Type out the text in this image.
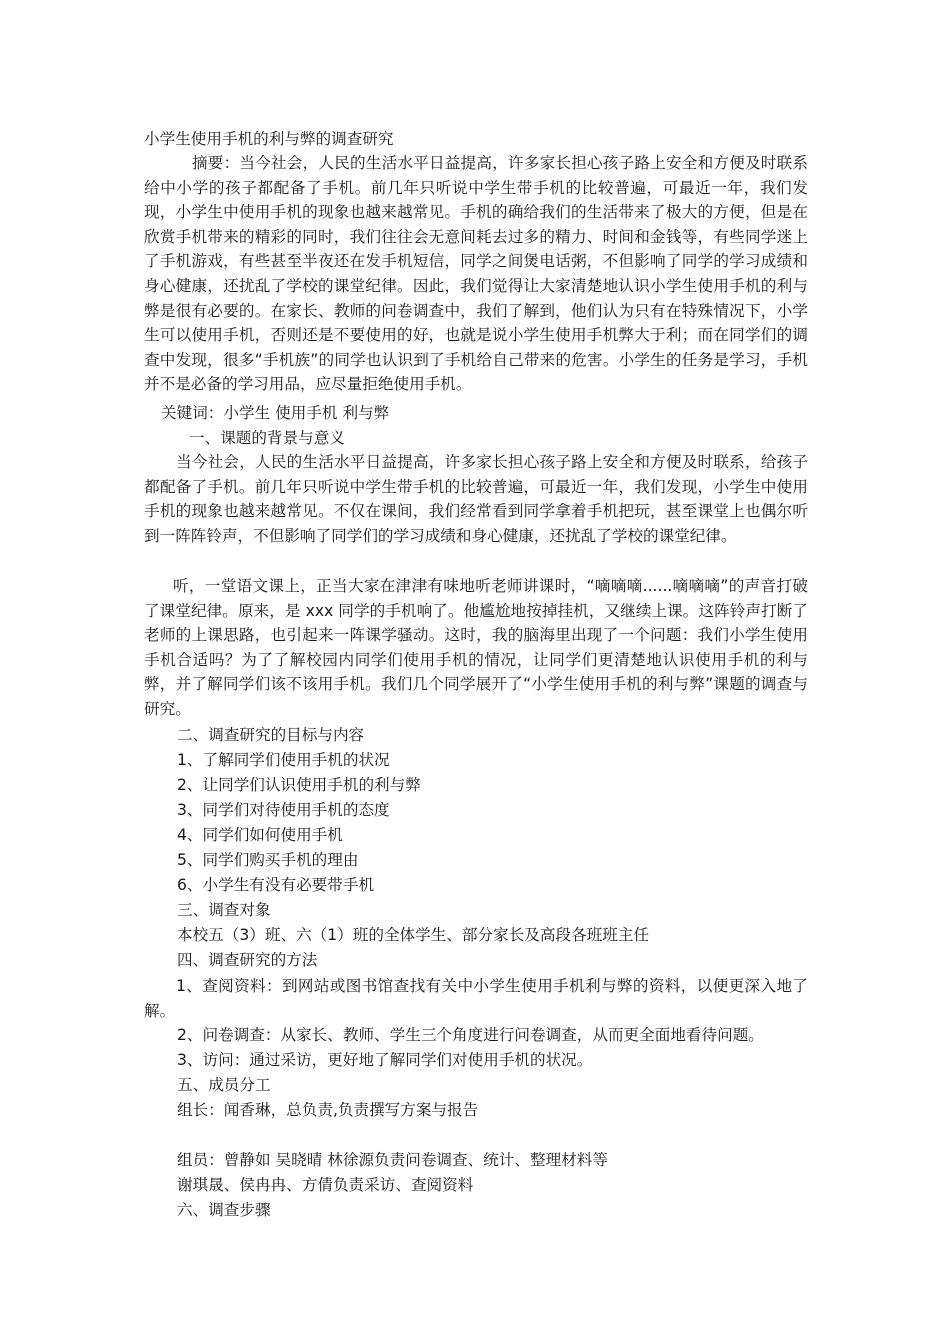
小学生使用手机的利与弊的调查研究

摘要：当今社会，人民的生活水平日益提高，许多家长担心孩子路上安全和方便及时联系给中小学的孩子都配备了手机。前几年只听说中学生带手机的比较普遍，可最近一年，我们发现，小学生中使用手机的现象也越来越常见。手机的确给我们的生活带来了极大的方便，但是在欣赏手机带来的精彩的同时，我们往往会无意间耗去过多的精力、时间和金钱等，有些同学迷上了手机游戏，有些甚至半夜还在发手机短信，同学之间煲电话粥，不但影响了同学的学习成绩和身心健康，还扰乱了学校的课堂纪律。因此，我们觉得让大家清楚地认识小学生使用手机的利与弊是很有必要的。在家长、教师的问卷调查中，我们了解到，他们认为只有在特殊情况下，小学生可以使用手机，否则还是不要使用的好，也就是说小学生使用手机弊大于利；而在同学们的调查中发现，很多“手机族”的同学也认识到了手机给自己带来的危害。小学生的任务是学习，手机并不是必备的学习用品，应尽量拒绝使用手机。

关键词：小学生 使用手机 利与弊

一、课题的背景与意义

当今社会，人民的生活水平日益提高，许多家长担心孩子路上安全和方便及时联系，给孩子都配备了手机。前几年只听说中学生带手机的比较普遍，可最近一年，我们发现，小学生中使用手机的现象也越来越常见。不仅在课间，我们经常看到同学拿着手机把玩，甚至课堂上也偶尔听到一阵阵铃声，不但影响了同学们的学习成绩和身心健康，还扰乱了学校的课堂纪律。

听，一堂语文课上，正当大家在津津有味地听老师讲课时，“嘀嘀嘀......嘀嘀嘀”的声音打破了课堂纪律。原来，是 xxx 同学的手机响了。他尴尬地按掉挂机，又继续上课。这阵铃声打断了老师的上课思路，也引起来一阵课学骚动。这时，我的脑海里出现了一个问题：我们小学生使用手机合适吗？为了了解校园内同学们使用手机的情况，让同学们更清楚地认识使用手机的利与弊，并了解同学们该不该用手机。我们几个同学展开了“小学生使用手机的利与弊”课题的调查与研究。

二、调查研究的目标与内容

1、了解同学们使用手机的状况

2、让同学们认识使用手机的利与弊

3、同学们对待使用手机的态度

4、同学们如何使用手机

5、同学们购买手机的理由

6、小学生有没有必要带手机

三、调查对象

本校五（3）班、六（1）班的全体学生、部分家长及高段各班班主任

四、调查研究的方法

1、查阅资料：到网站或图书馆查找有关中小学生使用手机利与弊的资料，以便更深入地了解。

2、问卷调查：从家长、教师、学生三个角度进行问卷调查，从而更全面地看待问题。

3、访问：通过采访，更好地了解同学们对使用手机的状况。

五、成员分工

组长：闻香琳，总负责,负责撰写方案与报告

组员：曾静如 吴晓晴 林徐源负责问卷调查、统计、整理材料等

谢琪晟、侯冉冉、方倩负责采访、查阅资料

六、调查步骤
